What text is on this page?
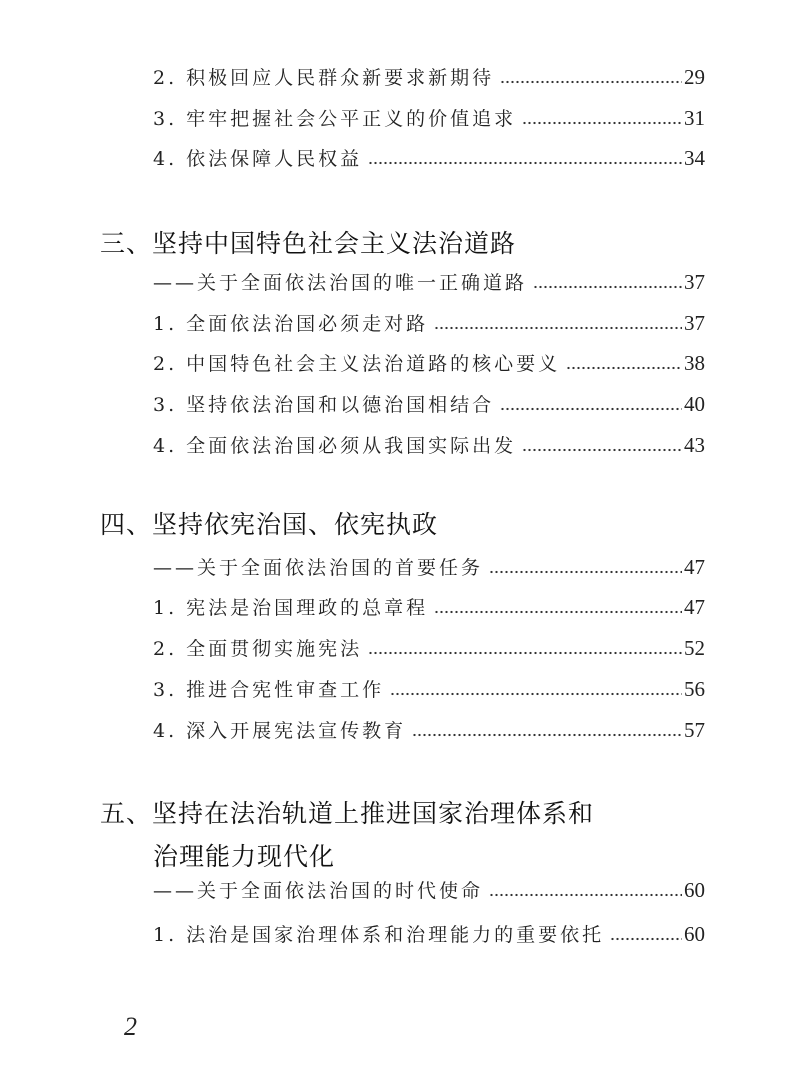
2. 积极回应人民群众新要求新期待	29
3. 牢牢把握社会公平正义的价值追求	31
4. 依法保障人民权益	34
三、坚持中国特色社会主义法治道路
——关于全面依法治国的唯一正确道路	37
1. 全面依法治国必须走对路	37
2. 中国特色社会主义法治道路的核心要义	38
3. 坚持依法治国和以德治国相结合	40
4. 全面依法治国必须从我国实际出发	43
四、坚持依宪治国、依宪执政
——关于全面依法治国的首要任务	47
1. 宪法是治国理政的总章程	47
2. 全面贯彻实施宪法	52
3. 推进合宪性审查工作	56
4. 深入开展宪法宣传教育	57
五、坚持在法治轨道上推进国家治理体系和
治理能力现代化
——关于全面依法治国的时代使命	60
1. 法治是国家治理体系和治理能力的重要依托	60
2
